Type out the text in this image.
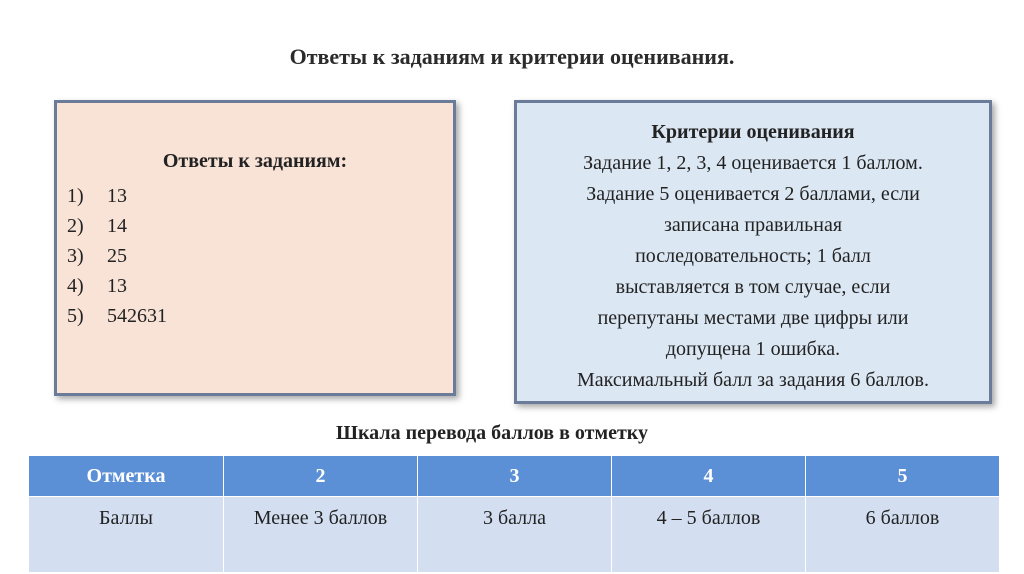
Ответы к заданиям и критерии оценивания.
Ответы к заданиям:
1) 13
2) 14
3) 25
4) 13
5) 542631
Критерии оценивания
Задание 1, 2, 3, 4 оценивается 1 баллом.
Задание 5 оценивается 2 баллами, если
записана правильная
последовательность; 1 балл
выставляется в том случае, если
перепутаны местами две цифры или
допущена 1 ошибка.
Максимальный балл за задания 6 баллов.
Шкала перевода баллов в отметку
Отметка	2	3	4	5
Баллы	Менее 3 баллов	3 балла	4 – 5 баллов	6 баллов
